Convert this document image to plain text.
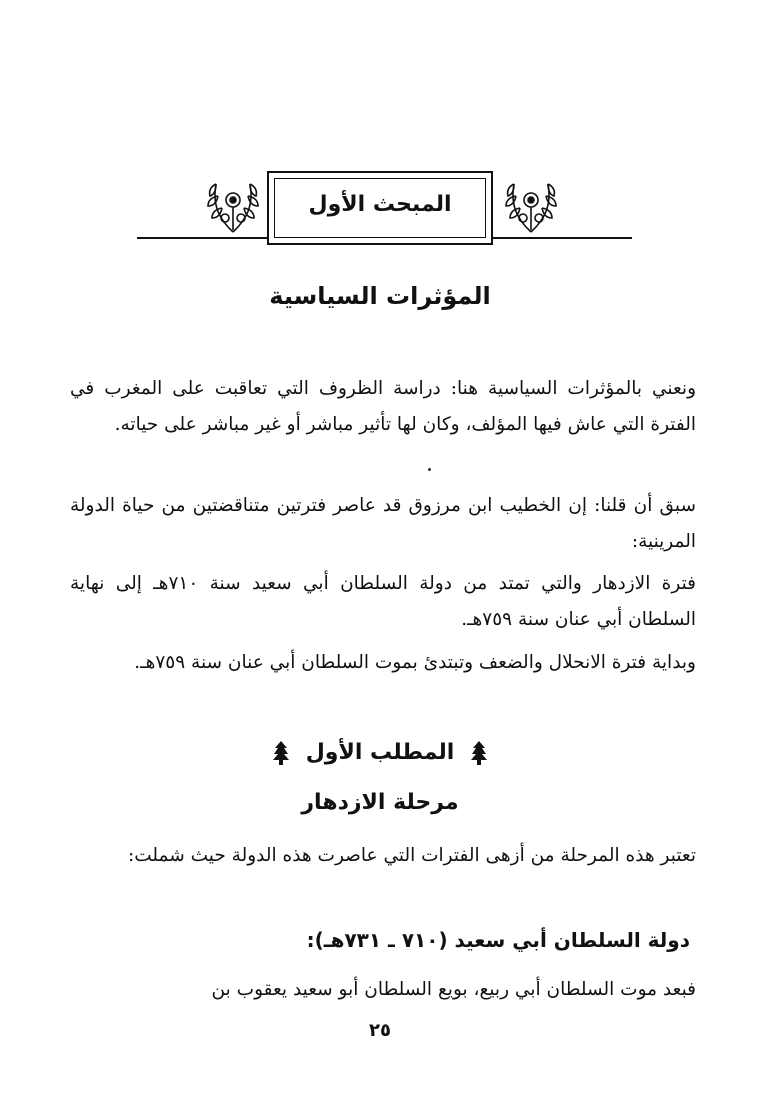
المبحث الأول
المؤثرات السياسية

ونعني بالمؤثرات السياسية هنا: دراسة الظروف التي تعاقبت على المغرب في الفترة التي عاش فيها المؤلف، وكان لها تأثير مباشر أو غير مباشر على حياته.

سبق أن قلنا: إن الخطيب ابن مرزوق قد عاصر فترتين متناقضتين من حياة الدولة المرينية:

فترة الازدهار والتي تمتد من دولة السلطان أبي سعيد سنة ٧١٠هـ إلى نهاية السلطان أبي عنان سنة ٧٥٩هـ.

وبداية فترة الانحلال والضعف وتبتدئ بموت السلطان أبي عنان سنة ٧٥٩هـ.

المطلب الأول
مرحلة الازدهار

تعتبر هذه المرحلة من أزهى الفترات التي عاصرت هذه الدولة حيث شملت:

دولة السلطان أبي سعيد (٧١٠ ـ ٧٣١هـ):

فبعد موت السلطان أبي ربيع، بويع السلطان أبو سعيد يعقوب بن

٢٥
